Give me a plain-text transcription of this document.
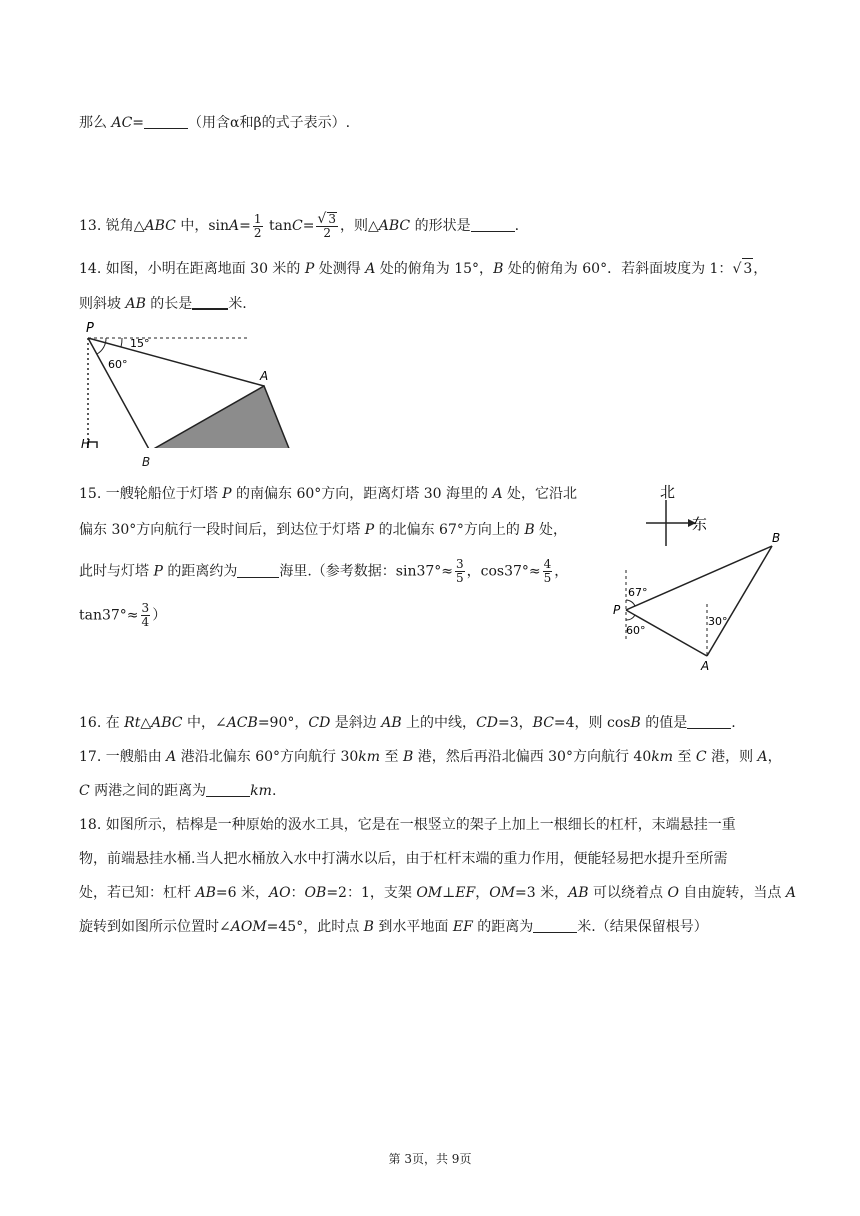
那么 AC=	（用含α和β的式子表示）.
13. 锐角△ABC 中，$\sin A= \frac{1}{2} \tan C= \frac{√ 3}{2}$ ，则△ABC 的形状是	.
14. 如图，小明在距离地面 30 米的 P 处测得 A 处的俯角为 15°，B 处的俯角为 60°．若斜面坡度为 1：√ 3，
则斜坡 AB 的长是	米.
P
15°
60°
A
H
B
15. 一艘轮船位于灯塔 P 的南偏东 60°方向，距离灯塔 30 海里的 A 处，它沿北
偏东 30°方向航行一段时间后，到达位于灯塔 P 的北偏东 67°方向上的 B 处，
此时与灯塔 P 的距离约为	海里.（参考数据：$\sin 37^\circ\approx \frac{3}{5}$ ，$\cos 37^\circ\approx \frac{4}{5}$ ，
$\tan 37^\circ\approx \frac{3}{4}$ ）
北
东
67°
60°
30°
B
P
A
16. 在 Rt△ABC 中，∠ACB=90°，CD 是斜边 AB 上的中线，CD=3，BC=4，则 cosB 的值是	.
17. 一艘船由 A 港沿北偏东 60°方向航行 30km 至 B 港，然后再沿北偏西 30°方向航行 40km 至 C 港，则 A，
C 两港之间的距离为	km.
18. 如图所示，桔槔是一种原始的汲水工具，它是在一根竖立的架子上加上一根细长的杠杆，末端悬挂一重
物，前端悬挂水桶.当人把水桶放入水中打满水以后，由于杠杆末端的重力作用，便能轻易把水提升至所需
处，若已知：杠杆 AB=6 米，AO：OB=2：1，支架 OM⊥EF，OM=3 米，AB 可以绕着点 O 自由旋转，当点 A
旋转到如图所示位置时∠AOM=45°，此时点 B 到水平地面 EF 的距离为	米.（结果保留根号）
第 3页，共 9页
